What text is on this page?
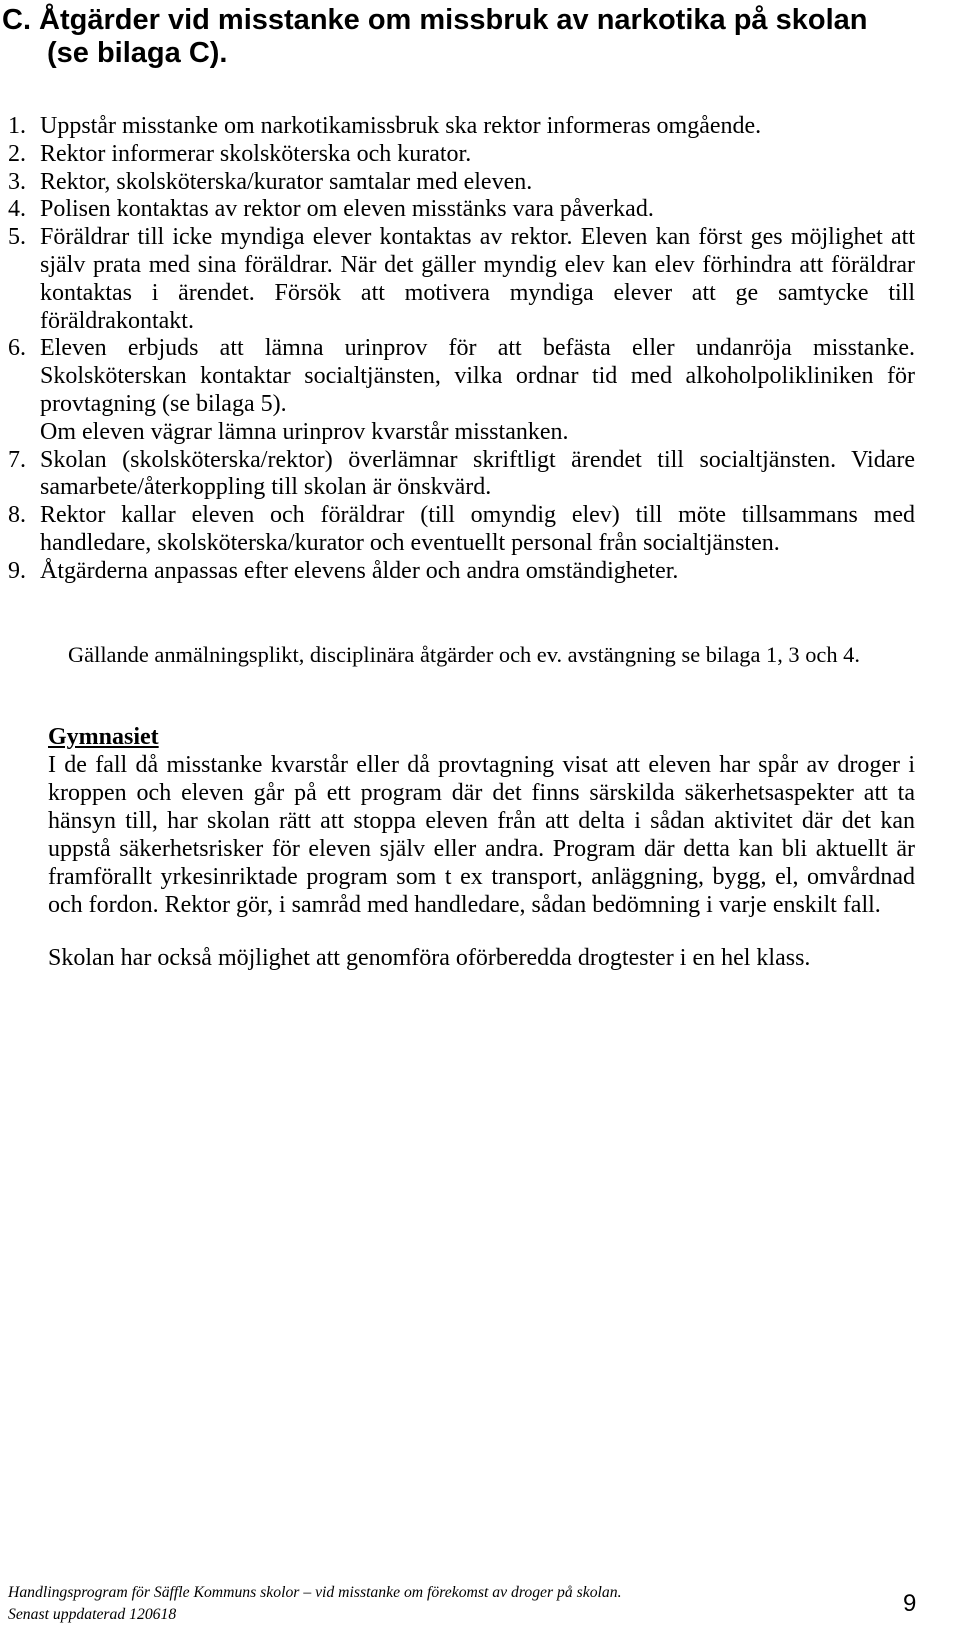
C. Åtgärder vid misstanke om missbruk av narkotika på skolan
(se bilaga C).
1. Uppstår misstanke om narkotikamissbruk ska rektor informeras omgående.

2. Rektor informerar skolsköterska och kurator.

3. Rektor, skolsköterska/kurator samtalar med eleven.

4. Polisen kontaktas av rektor om eleven misstänks vara påverkad.

5. Föräldrar till icke myndiga elever kontaktas av rektor. Eleven kan först ges möjlighet att själv prata med sina föräldrar. När det gäller myndig elev kan elev förhindra att föräldrar kontaktas i ärendet. Försök att motivera myndiga elever att ge samtycke till föräldrakontakt.

6. Eleven erbjuds att lämna urinprov för att befästa eller undanröja misstanke.

Skolsköterskan kontaktar socialtjänsten, vilka ordnar tid med alkoholpolikliniken för provtagning (se bilaga 5).

Om eleven vägrar lämna urinprov kvarstår misstanken.

7. Skolan (skolsköterska/rektor) överlämnar skriftligt ärendet till socialtjänsten. Vidare samarbete/återkoppling till skolan är önskvärd.

8. Rektor kallar eleven och föräldrar (till omyndig elev) till möte tillsammans med handledare, skolsköterska/kurator och eventuellt personal från socialtjänsten.

9. Åtgärderna anpassas efter elevens ålder och andra omständigheter.

Gällande anmälningsplikt, disciplinära åtgärder och ev. avstängning se bilaga 1, 3 och 4.

Gymnasiet

I de fall då misstanke kvarstår eller då provtagning visat att eleven har spår av droger i kroppen och eleven går på ett program där det finns särskilda säkerhetsaspekter att ta hänsyn till, har skolan rätt att stoppa eleven från att delta i sådan aktivitet där det kan uppstå säkerhetsrisker för eleven själv eller andra. Program där detta kan bli aktuellt är framförallt yrkesinriktade program som t ex transport, anläggning, bygg, el, omvårdnad och fordon. Rektor gör, i samråd med handledare, sådan bedömning i varje enskilt fall.

Skolan har också möjlighet att genomföra oförberedda drogtester i en hel klass.

Handlingsprogram för Säffle Kommuns skolor – vid misstanke om förekomst av droger på skolan.
Senast uppdaterad 120618	9
